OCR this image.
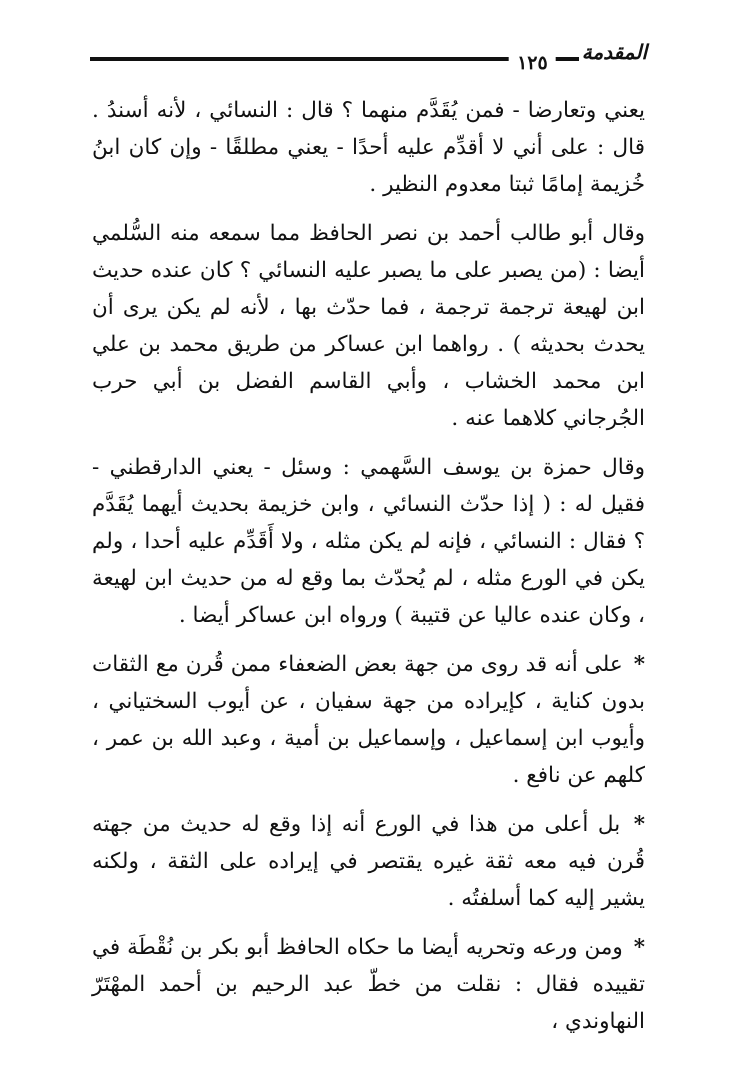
المقدمة
١٢٥

يعني وتعارضا - فمن يُقَدَّم منهما ؟ قال : النسائي ، لأنه أسندُ . قال : على أني لا أقدِّم عليه أحدًا - يعني مطلقًا - وإن كان ابنُ خُزيمة إمامًا ثبتا معدوم النظير .

وقال أبو طالب أحمد بن نصر الحافظ مما سمعه منه السُّلمي أيضا : (من يصبر على ما يصبر عليه النسائي ؟ كان عنده حديث ابن لهيعة ترجمة ترجمة ، فما حدّث بها ، لأنه لم يكن يرى أن يحدث بحديثه ) . رواهما ابن عساكر من طريق محمد بن علي ابن محمد الخشاب ، وأبي القاسم الفضل بن أبي حرب الجُرجاني كلاهما عنه .

وقال حمزة بن يوسف السَّهمي : وسئل - يعني الدارقطني - فقيل له : ( إذا حدّث النسائي ، وابن خزيمة بحديث أيهما يُقَدَّم ؟ فقال : النسائي ، فإنه لم يكن مثله ، ولا أَقَدِّم عليه أحدا ، ولم يكن في الورع مثله ، لم يُحدّث بما وقع له من حديث ابن لهيعة ، وكان عنده عاليا عن قتيبة ) ورواه ابن عساكر أيضا .

* على أنه قد روى من جهة بعض الضعفاء ممن قُرن مع الثقات بدون كناية ، كإيراده من جهة سفيان ، عن أيوب السختياني ، وأيوب ابن إسماعيل ، وإسماعيل بن أمية ، وعبد الله بن عمر ، كلهم عن نافع .

* بل أعلى من هذا في الورع أنه إذا وقع له حديث من جهته قُرن فيه معه ثقة غيره يقتصر في إيراده على الثقة ، ولكنه يشير إليه كما أسلفتُه .

* ومن ورعه وتحريه أيضا ما حكاه الحافظ أبو بكر بن نُقْطَة في تقييده فقال : نقلت من خطّ عبد الرحيم بن أحمد المهْتَرّ النهاوندي ،
